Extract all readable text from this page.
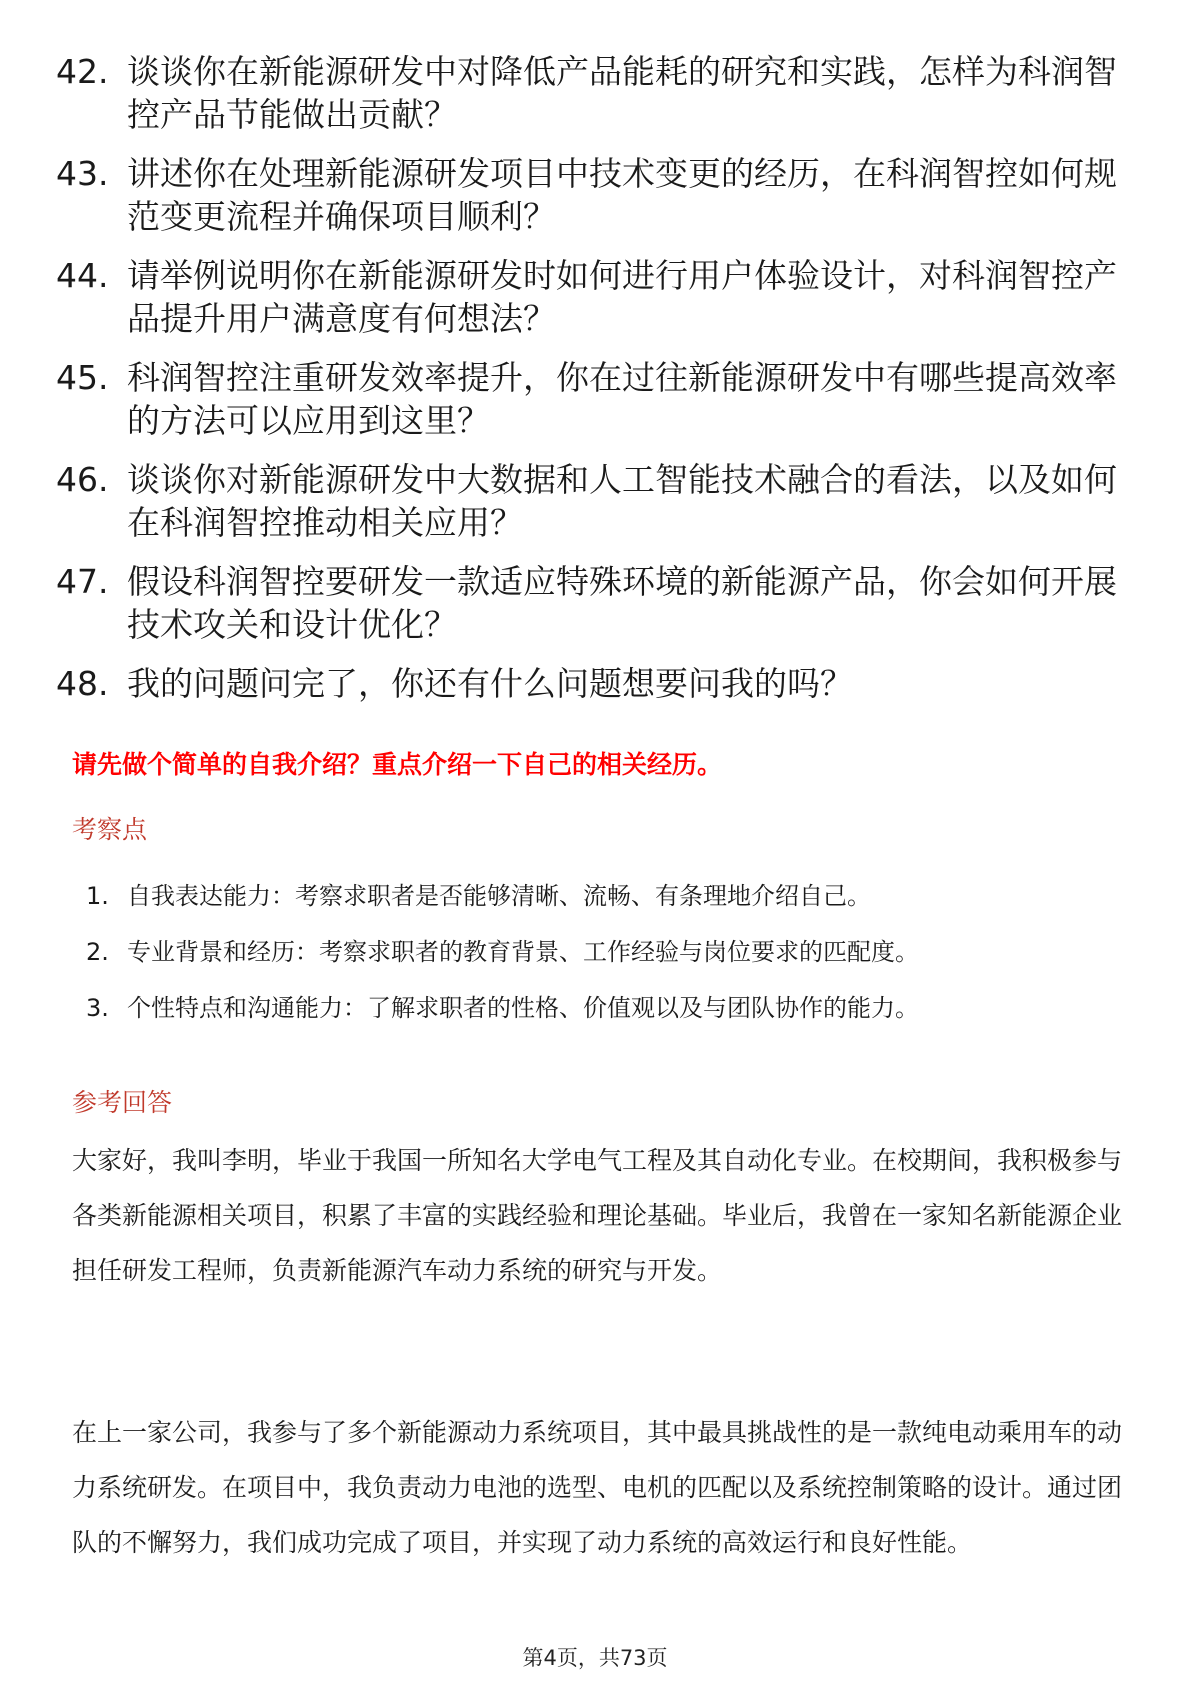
42. 谈谈你在新能源研发中对降低产品能耗的研究和实践，怎样为科润智控产品节能做出贡献？
43. 讲述你在处理新能源研发项目中技术变更的经历，在科润智控如何规范变更流程并确保项目顺利？
44. 请举例说明你在新能源研发时如何进行用户体验设计，对科润智控产品提升用户满意度有何想法？
45. 科润智控注重研发效率提升，你在过往新能源研发中有哪些提高效率的方法可以应用到这里？
46. 谈谈你对新能源研发中大数据和人工智能技术融合的看法，以及如何在科润智控推动相关应用？
47. 假设科润智控要研发一款适应特殊环境的新能源产品，你会如何开展技术攻关和设计优化？
48. 我的问题问完了，你还有什么问题想要问我的吗？
请先做个简单的自我介绍？重点介绍一下自己的相关经历。
考察点
1. 自我表达能力：考察求职者是否能够清晰、流畅、有条理地介绍自己。
2. 专业背景和经历：考察求职者的教育背景、工作经验与岗位要求的匹配度。
3. 个性特点和沟通能力：了解求职者的性格、价值观以及与团队协作的能力。
参考回答
大家好，我叫李明，毕业于我国一所知名大学电气工程及其自动化专业。在校期间，我积极参与各类新能源相关项目，积累了丰富的实践经验和理论基础。毕业后，我曾在一家知名新能源企业担任研发工程师，负责新能源汽车动力系统的研究与开发。
在上一家公司，我参与了多个新能源动力系统项目，其中最具挑战性的是一款纯电动乘用车的动力系统研发。在项目中，我负责动力电池的选型、电机的匹配以及系统控制策略的设计。通过团队的不懈努力，我们成功完成了项目，并实现了动力系统的高效运行和良好性能。
第4页，共73页
